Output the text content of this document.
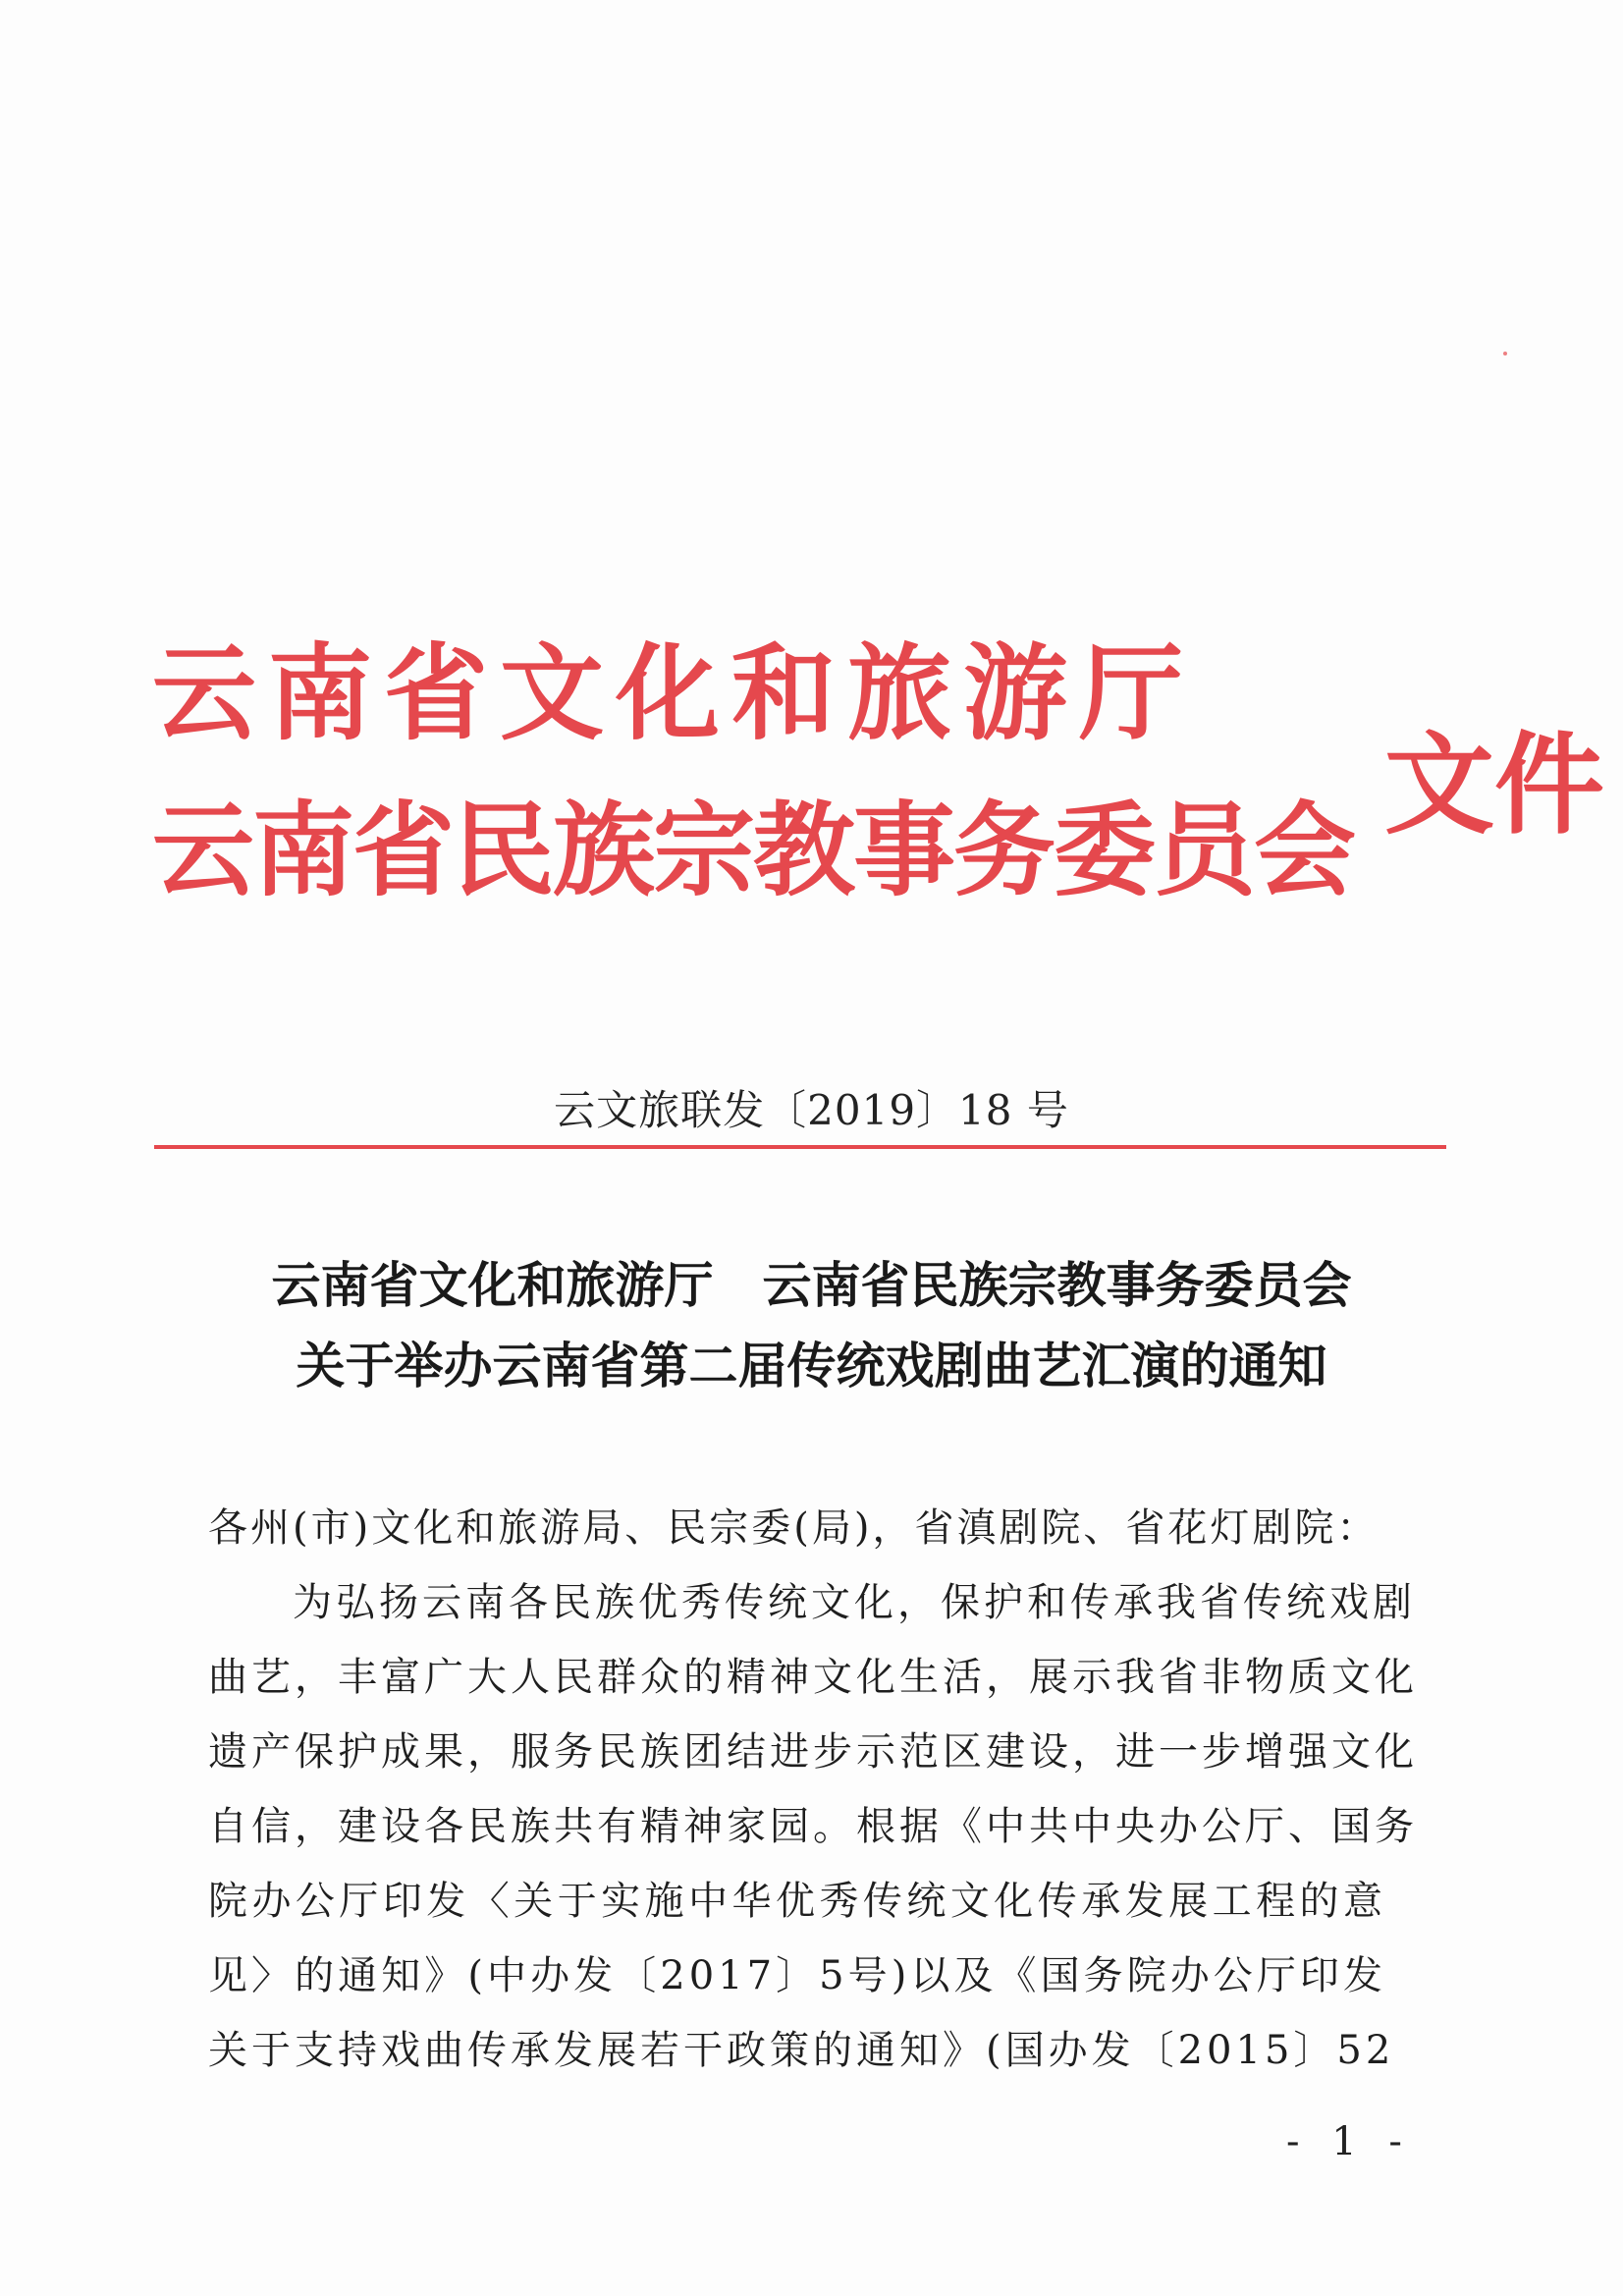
云南省文化和旅游厅
云南省民族宗教事务委员会
文件
云文旅联发〔2019〕18 号
云南省文化和旅游厅　云南省民族宗教事务委员会
关于举办云南省第二届传统戏剧曲艺汇演的通知

各州(市)文化和旅游局、民宗委(局)，省滇剧院、省花灯剧院：

为弘扬云南各民族优秀传统文化，保护和传承我省传统戏剧
曲艺，丰富广大人民群众的精神文化生活，展示我省非物质文化
遗产保护成果，服务民族团结进步示范区建设，进一步增强文化
自信，建设各民族共有精神家园。根据《中共中央办公厅、国务
院办公厅印发〈关于实施中华优秀传统文化传承发展工程的意
见〉的通知》(中办发〔2017〕5号)以及《国务院办公厅印发
关于支持戏曲传承发展若干政策的通知》(国办发〔2015〕52

- 1 -
